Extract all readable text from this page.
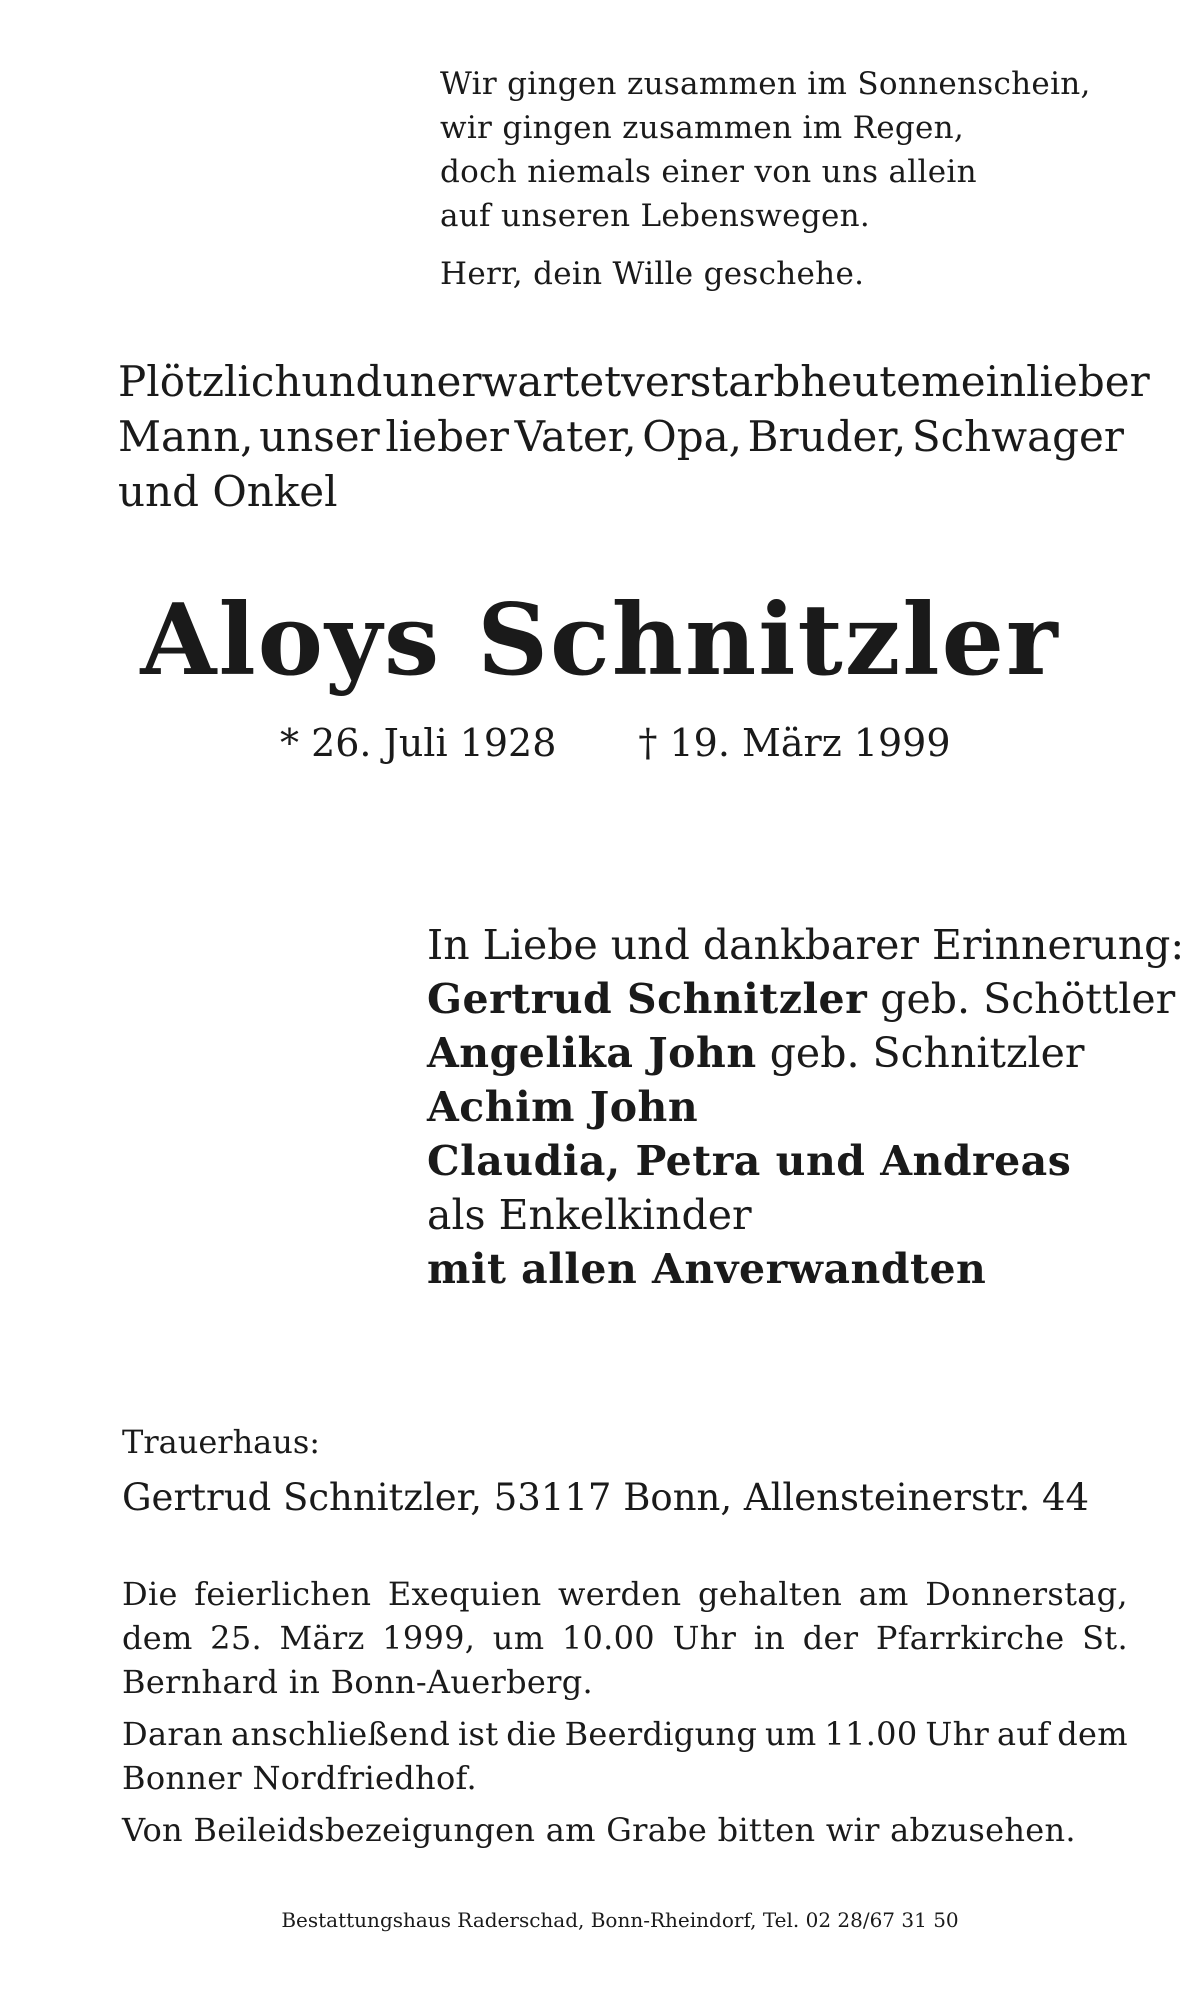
Wir gingen zusammen im Sonnenschein,
wir gingen zusammen im Regen,
doch niemals einer von uns allein
auf unseren Lebenswegen.
Herr, dein Wille geschehe.
Plötzlich und unerwartet verstarb heute mein lieber
Mann, unser lieber Vater, Opa, Bruder, Schwager
und Onkel
Aloys Schnitzler
* 26. Juli 1928 † 19. März 1999
In Liebe und dankbarer Erinnerung:
Gertrud Schnitzler geb. Schöttler
Angelika John geb. Schnitzler
Achim John
Claudia, Petra und Andreas
als Enkelkinder
mit allen Anverwandten
Trauerhaus:
Gertrud Schnitzler, 53117 Bonn, Allensteinerstr. 44
Die feierlichen Exequien werden gehalten am Donnerstag,
dem 25. März 1999, um 10.00 Uhr in der Pfarrkirche St.
Bernhard in Bonn-Auerberg.
Daran anschließend ist die Beerdigung um 11.00 Uhr auf dem
Bonner Nordfriedhof.
Von Beileidsbezeigungen am Grabe bitten wir abzusehen.
Bestattungshaus Raderschad, Bonn-Rheindorf, Tel. 02 28/67 31 50
